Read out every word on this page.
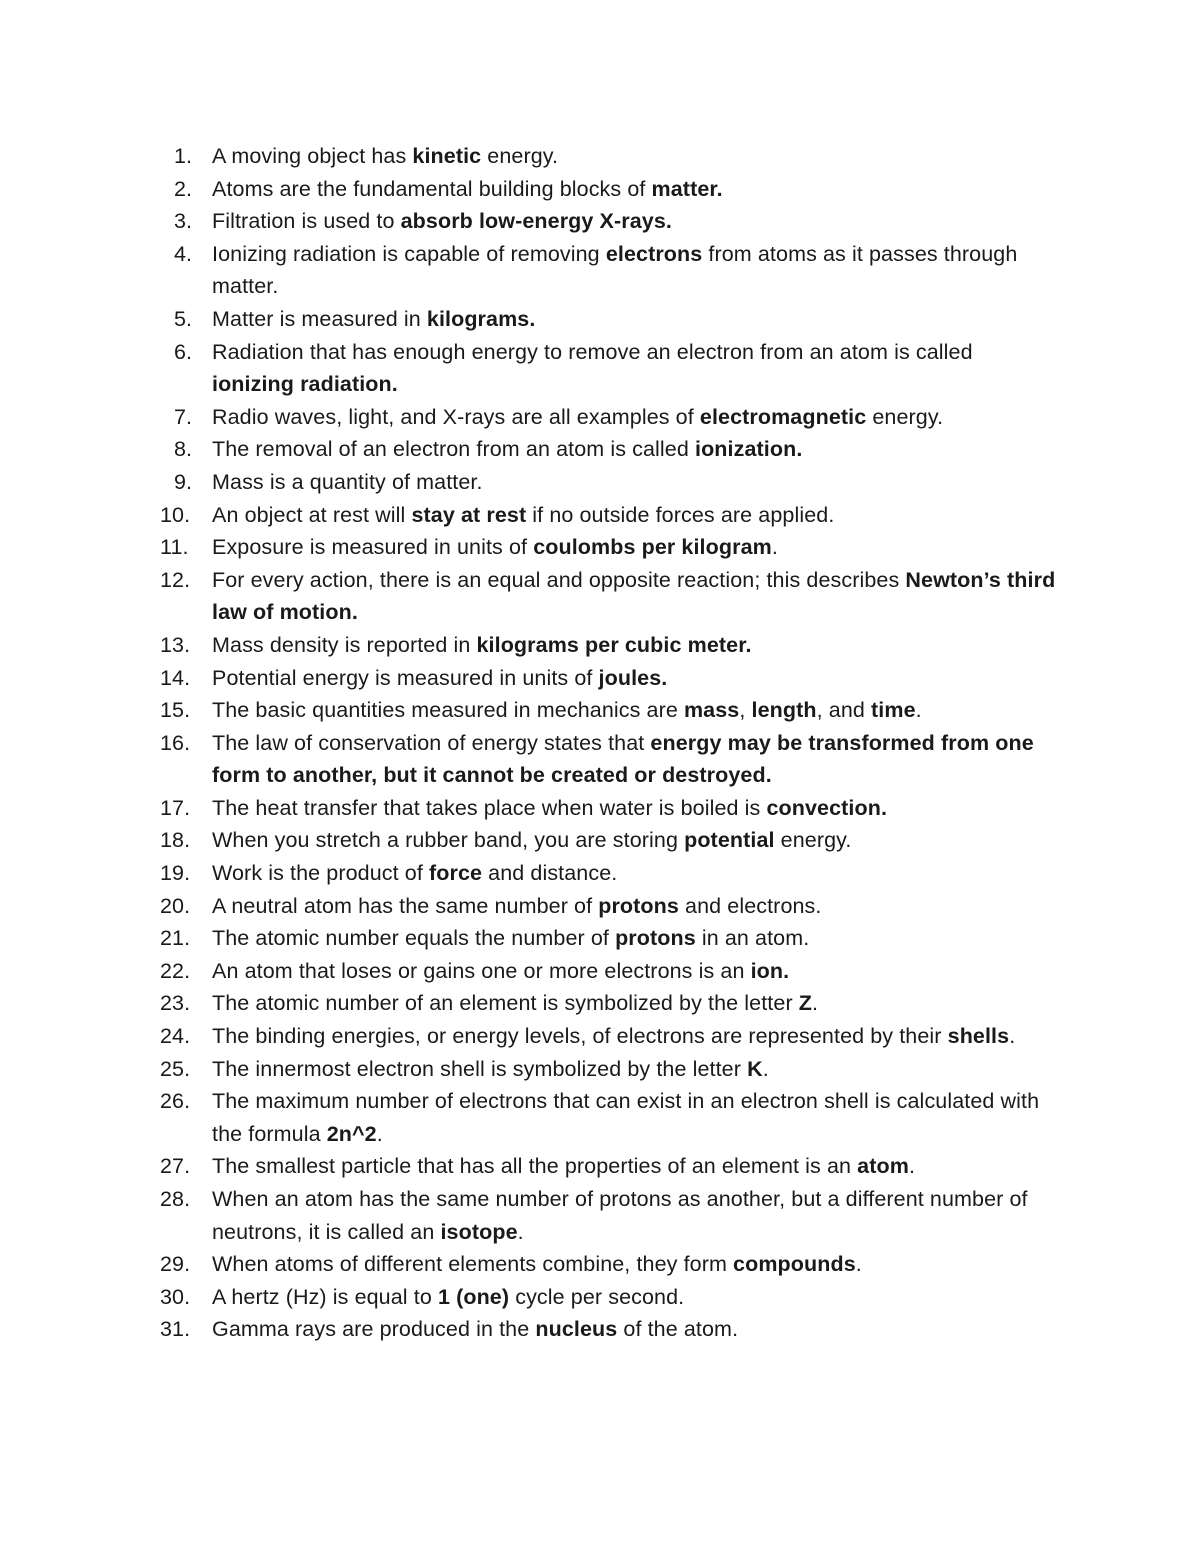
1. A moving object has kinetic energy.
2. Atoms are the fundamental building blocks of matter.
3. Filtration is used to absorb low-energy X-rays.
4. Ionizing radiation is capable of removing electrons from atoms as it passes through matter.
5. Matter is measured in kilograms.
6. Radiation that has enough energy to remove an electron from an atom is called ionizing radiation.
7. Radio waves, light, and X-rays are all examples of electromagnetic energy.
8. The removal of an electron from an atom is called ionization.
9. Mass is a quantity of matter.
10.	An object at rest will stay at rest if no outside forces are applied.
11.	Exposure is measured in units of coulombs per kilogram.
12.	For every action, there is an equal and opposite reaction; this describes Newton’s third law of motion.
13.	Mass density is reported in kilograms per cubic meter.
14.	Potential energy is measured in units of joules.
15.	The basic quantities measured in mechanics are mass, length, and time.
16.	The law of conservation of energy states that energy may be transformed from one form to another, but it cannot be created or destroyed.
17.	The heat transfer that takes place when water is boiled is convection.
18.	When you stretch a rubber band, you are storing potential energy.
19.	Work is the product of force and distance.
20.	A neutral atom has the same number of protons and electrons.
21.	The atomic number equals the number of protons in an atom.
22.	An atom that loses or gains one or more electrons is an ion.
23.	The atomic number of an element is symbolized by the letter Z.
24.	The binding energies, or energy levels, of electrons are represented by their shells.
25.	The innermost electron shell is symbolized by the letter K.
26.	The maximum number of electrons that can exist in an electron shell is calculated with the formula 2n^2.
27.	The smallest particle that has all the properties of an element is an atom.
28.	When an atom has the same number of protons as another, but a different number of neutrons, it is called an isotope.
29.	When atoms of different elements combine, they form compounds.
30.	A hertz (Hz) is equal to 1 (one) cycle per second.
31.	Gamma rays are produced in the nucleus of the atom.
